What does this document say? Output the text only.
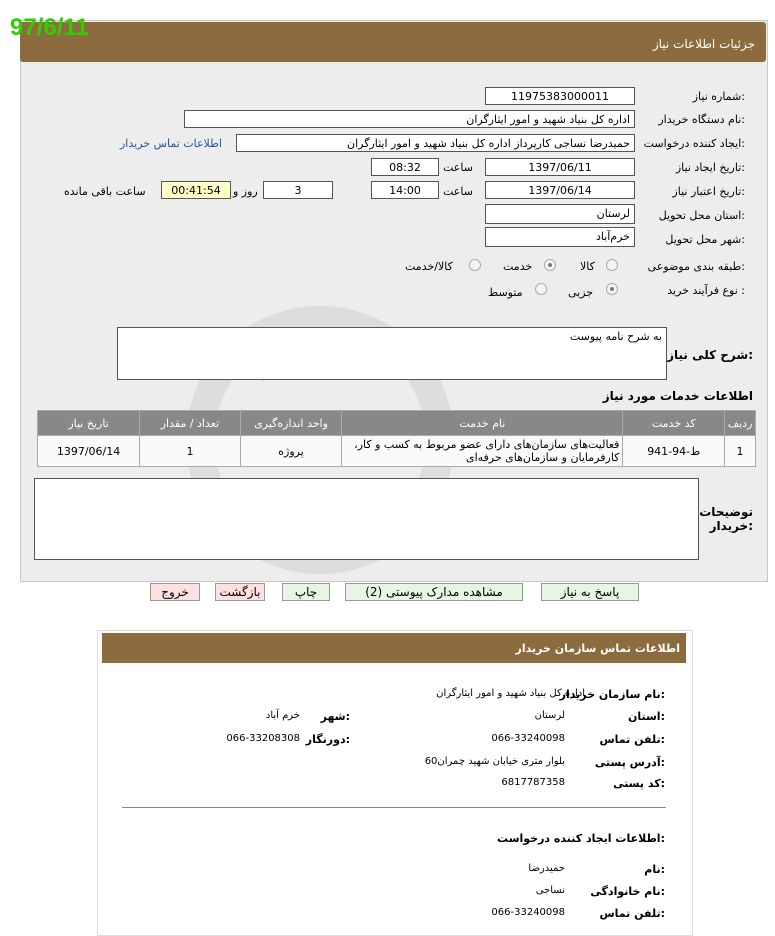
جزئیات اطلاعات نیاز
97/6/11
شماره نیاز:
1197538300001‌1
نام دستگاه خریدار:
اداره کل بنیاد شهید و امور ایثارگران
ایجاد کننده درخواست:
حمیدرضا نساجی کارپرداز اداره کل بنیاد شهید و امور ایثارگران
اطلاعات تماس خریدار
تاریخ ایجاد نیاز:
1397/06/11
ساعت
08:32
تاریخ اعتبار نیاز:
1397/06/14
ساعت
14:00
3
روز و
00:41:54
ساعت باقی مانده
استان محل تحویل:
لرستان
شهر محل تحویل:
خرم‌آباد
طبقه بندی موضوعی:
کالا
خدمت
کالا/خدمت
نوع فرآیند خرید :
جزیی
متوسط
شرح کلی نیاز:
به شرح نامه پیوست
اطلاعات خدمات مورد نیاز
ردیف	کد خدمت	نام خدمت	واحد اندازه‌گیری	تعداد / مقدار	تاریخ نیاز
1	ط-94-941	فعالیت‌های سازمان‌های دارای عضو مربوط به کسب و کار، کارفرمایان و سازمان‌های حرفه‌ای	پروژه	1	1397/06/14
توضیحات خریدار:
پاسخ به نیاز
مشاهده مدارک پیوستی (2)
چاپ
بازگشت
خروج
اطلاعات تماس سازمان خریدار
نام سازمان خریدار:
اداره کل بنیاد شهید و امور ایثارگران
استان:
لرستان
شهر:
خرم آباد
تلفن تماس:
066-33240098
دورنگار:
066-33208308
آدرس پستی:
60بلوار متری خیابان شهید چمران
کد پستی:
6817787358
اطلاعات ایجاد کننده درخواست:
نام:
حمیدرضا
نام خانوادگی:
نساجی
تلفن تماس:
066-33240098
